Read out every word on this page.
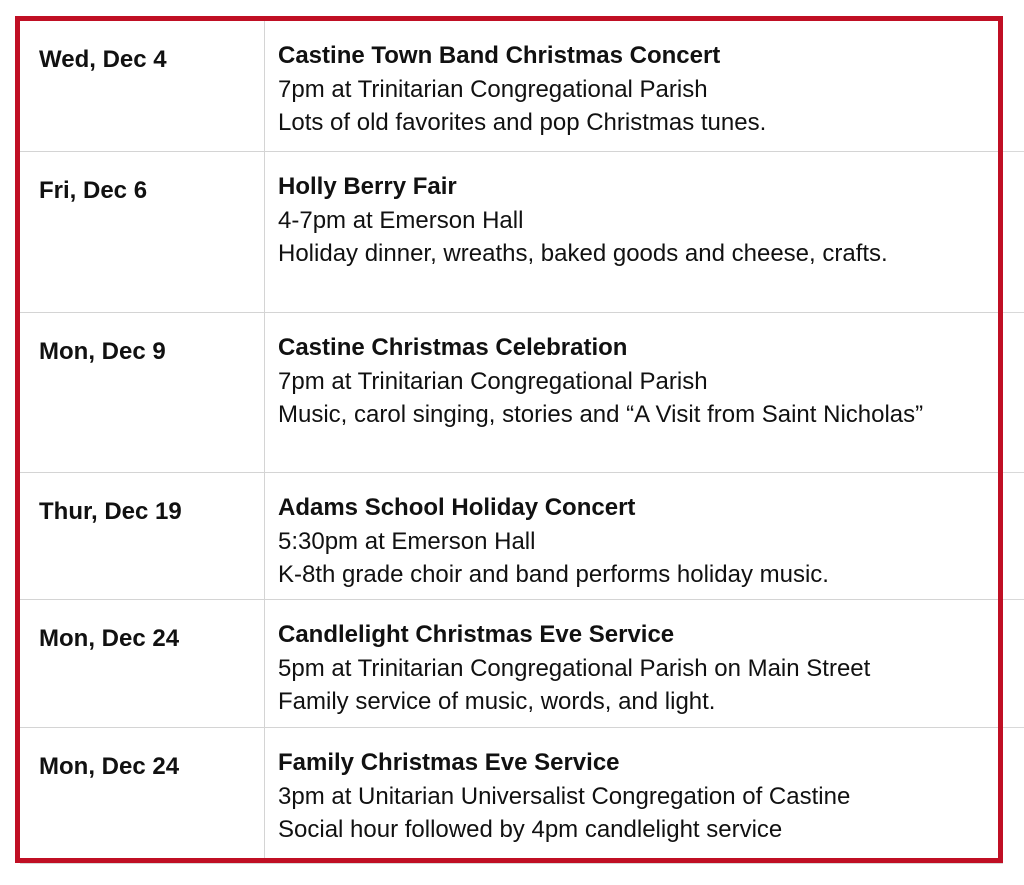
Wed, Dec 4	Castine Town Band Christmas Concert
7pm at Trinitarian Congregational Parish
Lots of old favorites and pop Christmas tunes.
Fri, Dec 6	Holly Berry Fair
4-7pm at Emerson Hall
Holiday dinner, wreaths, baked goods and cheese, crafts.
Mon, Dec 9	Castine Christmas Celebration
7pm at Trinitarian Congregational Parish
Music, carol singing, stories and “A Visit from Saint Nicholas”
Thur, Dec 19	Adams School Holiday Concert
5:30pm at Emerson Hall
K-8th grade choir and band performs holiday music.
Mon, Dec 24	Candlelight Christmas Eve Service
5pm at Trinitarian Congregational Parish on Main Street
Family service of music, words, and light.
Mon, Dec 24	Family Christmas Eve Service
3pm at Unitarian Universalist Congregation of Castine
Social hour followed by 4pm candlelight service
